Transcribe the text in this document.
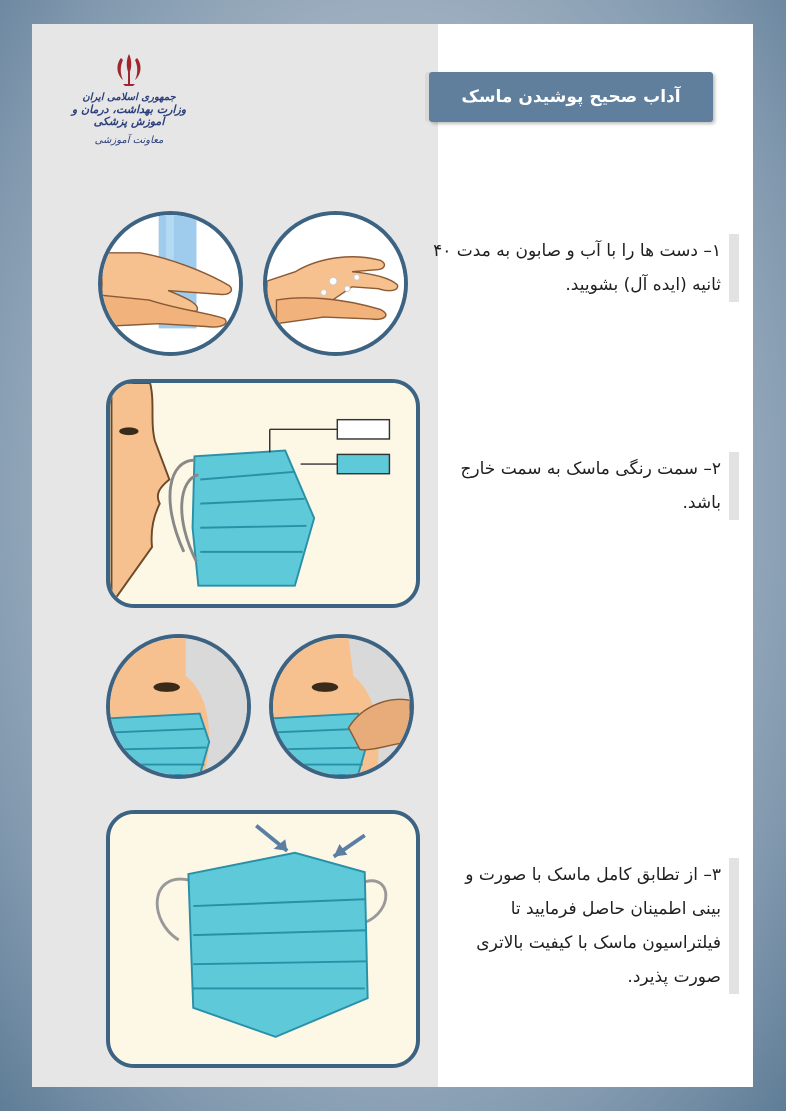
جمهوری اسلامی ایران
وزارت بهداشت، درمان و آموزش پزشکی
معاونت آموزشی
آداب صحیح پوشیدن ماسک
۱– دست ها را با آب و صابون به مدت ۴۰ ثانیه (ایده آل) بشویید.
۲– سمت رنگی ماسک به سمت خارج باشد.
۳– از تطابق کامل ماسک با صورت و بینی اطمینان حاصل فرمایید تا فیلتراسیون ماسک با کیفیت بالاتری صورت پذیرد.
